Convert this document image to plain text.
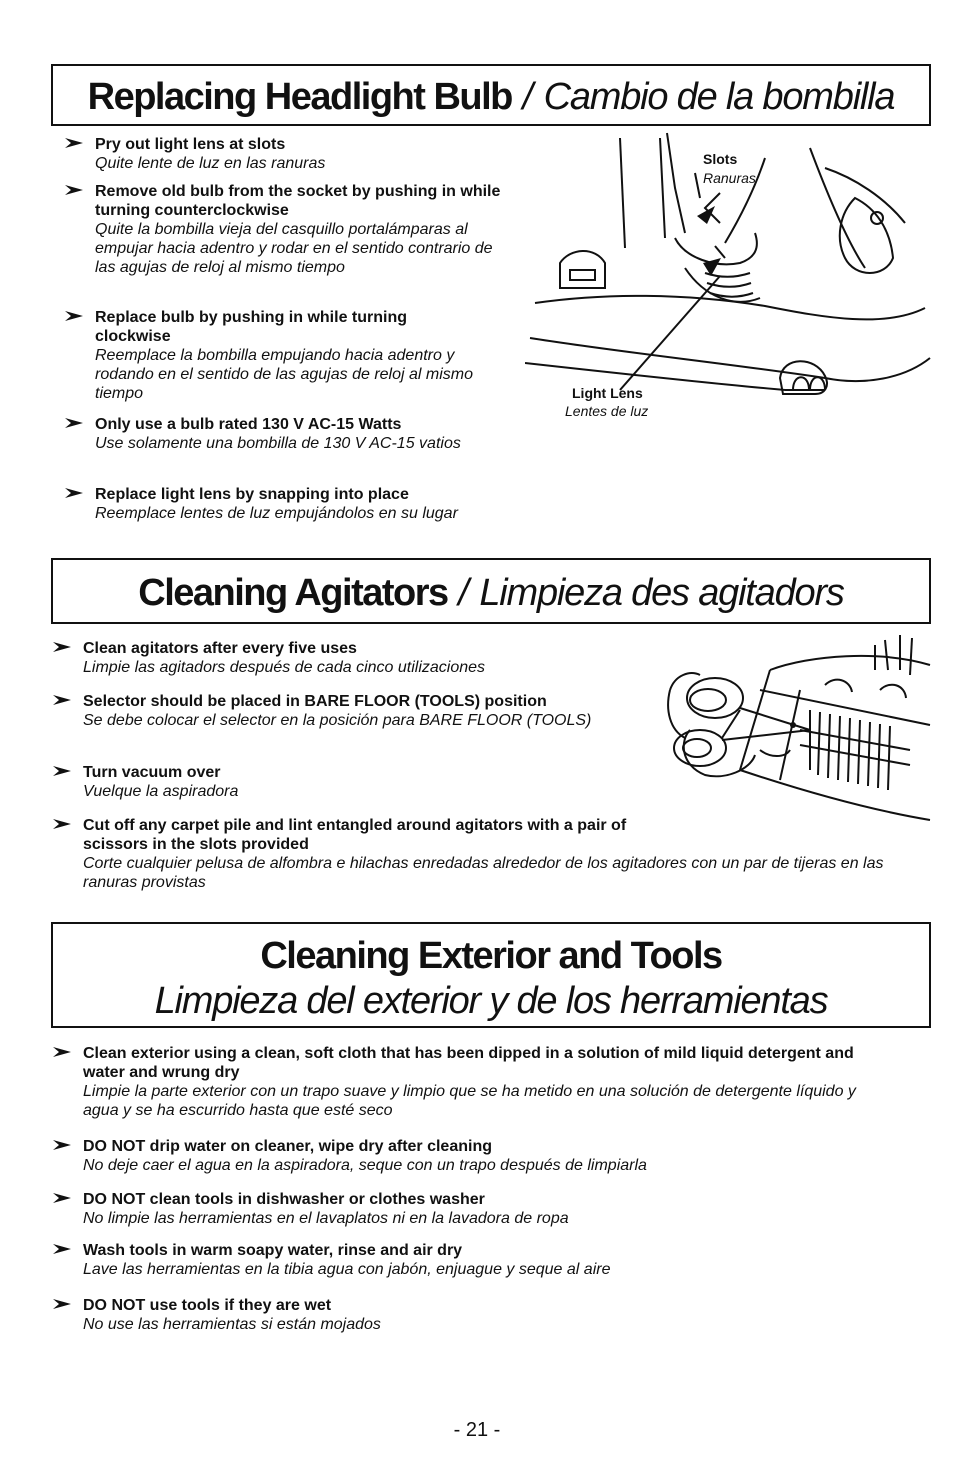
Replacing Headlight Bulb / Cambio de la bombilla
Pry out light lens at slots
Quite lente de luz en las ranuras
Remove old bulb from the socket by pushing in while turning counterclockwise
Quite la bombilla vieja del casquillo portalámparas al empujar hacia adentro y rodar en el sentido contrario de las agujas de reloj al mismo tiempo
Replace bulb by pushing in while turning clockwise
Reemplace la bombilla empujando hacia adentro y rodando en el sentido de las agujas de reloj al mismo tiempo
Only use a bulb rated 130 V AC-15 Watts
Use solamente una bombilla de 130 V AC-15 vatios
Replace light lens by snapping into place
Reemplace lentes de luz empujándolos en su lugar
Slots
Ranuras
Light Lens
Lentes de luz
Cleaning Agitators / Limpieza des agitadors
Clean agitators after every five uses
Limpie las agitadors después de cada cinco utilizaciones
Selector should be placed in BARE FLOOR (TOOLS) position
Se debe colocar el selector en la posición para BARE FLOOR (TOOLS)
Turn vacuum over
Vuelque la aspiradora
Cut off any carpet pile and lint entangled around agitators with a pair of scissors in the slots provided
Corte cualquier pelusa de alfombra e hilachas enredadas alrededor de los agitadores con un par de tijeras en las ranuras provistas
Cleaning Exterior and Tools
Limpieza del exterior y de los herramientas
Clean exterior using a clean, soft cloth that has been dipped in a solution of mild liquid detergent and water and wrung dry
Limpie la parte exterior con un trapo suave y limpio que se ha metido en una solución de detergente líquido y agua y se ha escurrido hasta que esté seco
DO NOT drip water on cleaner, wipe dry after cleaning
No deje caer el agua en la aspiradora, seque con un trapo después de limpiarla
DO NOT clean tools in dishwasher or clothes washer
No limpie las herramientas en el lavaplatos ni en la lavadora de ropa
Wash tools in warm soapy water, rinse and air dry
Lave las herramientas en la tibia agua con jabón, enjuague y seque al aire
DO NOT use tools if they are wet
No use las herramientas si están mojados
- 21 -
